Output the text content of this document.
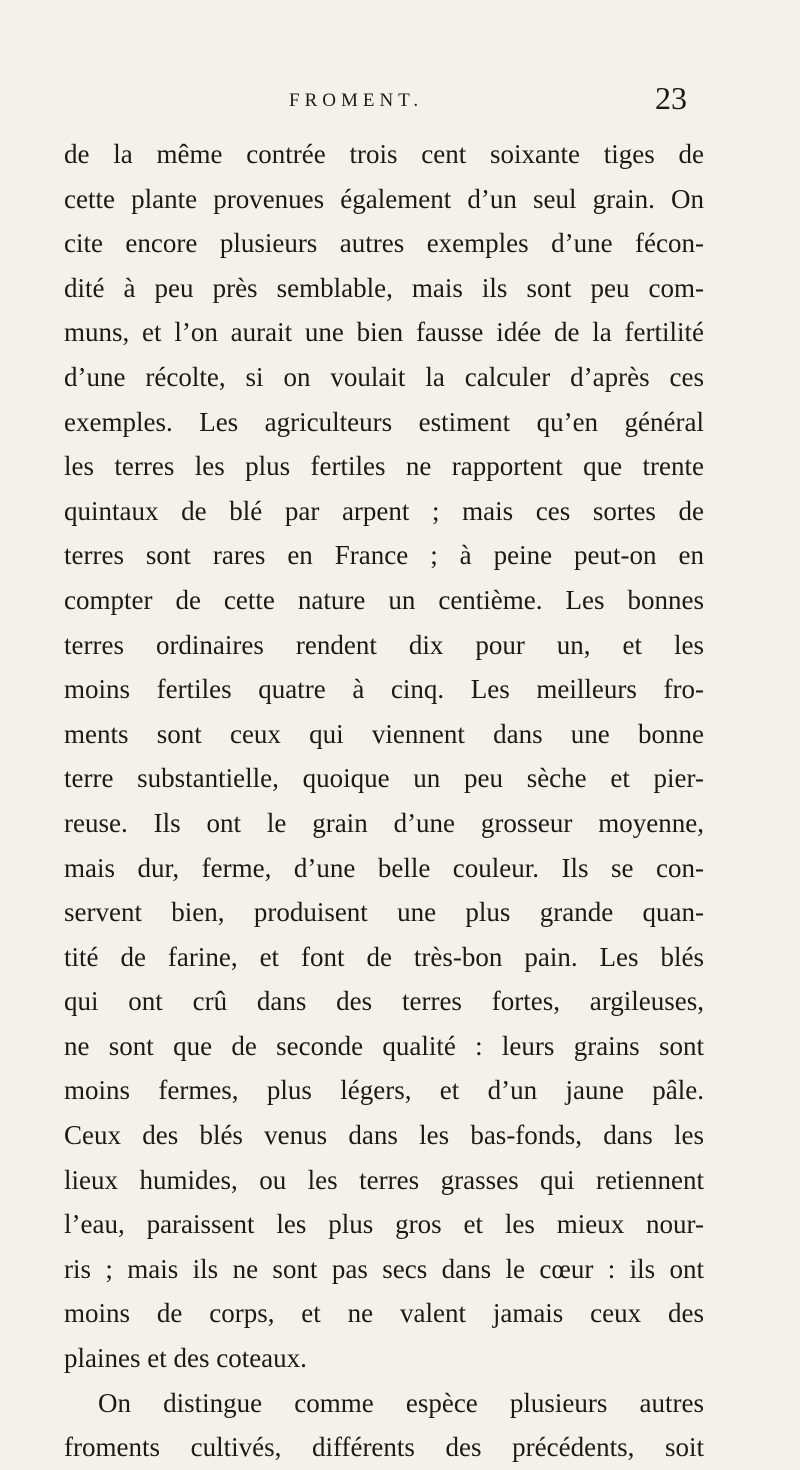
FROMENT.	23
de la même contrée trois cent soixante tiges de
cette plante provenues également d’un seul grain. On
cite encore plusieurs autres exemples d’une fécon-
dité à peu près semblable, mais ils sont peu com-
muns, et l’on aurait une bien fausse idée de la fertilité
d’une récolte, si on voulait la calculer d’après ces
exemples. Les agriculteurs estiment qu’en général
les terres les plus fertiles ne rapportent que trente
quintaux de blé par arpent ; mais ces sortes de
terres sont rares en France ; à peine peut-on en
compter de cette nature un centième. Les bonnes
terres ordinaires rendent dix pour un, et les
moins fertiles quatre à cinq. Les meilleurs fro-
ments sont ceux qui viennent dans une bonne
terre substantielle, quoique un peu sèche et pier-
reuse. Ils ont le grain d’une grosseur moyenne,
mais dur, ferme, d’une belle couleur. Ils se con-
servent bien, produisent une plus grande quan-
tité de farine, et font de très-bon pain. Les blés
qui ont crû dans des terres fortes, argileuses,
ne sont que de seconde qualité : leurs grains sont
moins fermes, plus légers, et d’un jaune pâle.
Ceux des blés venus dans les bas-fonds, dans les
lieux humides, ou les terres grasses qui retiennent
l’eau, paraissent les plus gros et les mieux nour-
ris ; mais ils ne sont pas secs dans le cœur : ils ont
moins de corps, et ne valent jamais ceux des
plaines et des coteaux.
On distingue comme espèce plusieurs autres
froments cultivés, différents des précédents, soit
